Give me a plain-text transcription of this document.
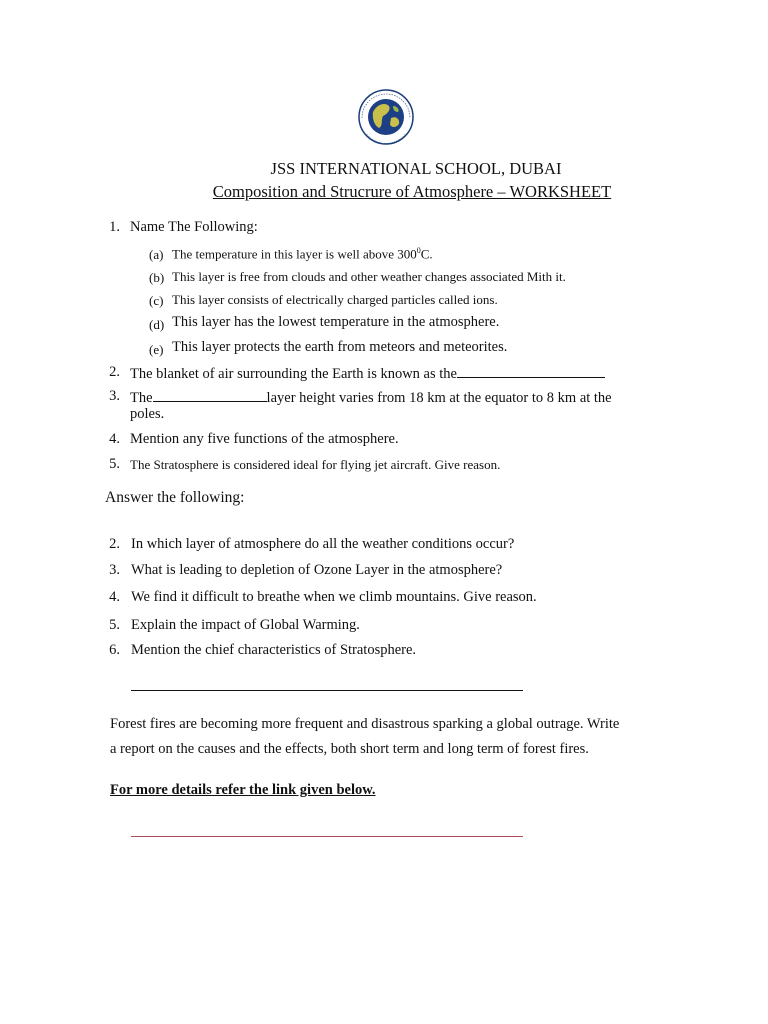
JSS INTERNATIONAL SCHOOL, DUBAI
Composition and Strucrure of Atmosphere – WORKSHEET
1. Name The Following:
(a) The temperature in this layer is well above $300^0C$.
(b) This layer is free from clouds and other weather changes associated Mith it.
(c) This layer consists of electrically charged particles called ions.
(d) This layer has the lowest temperature in the atmosphere.
(e) This layer protects the earth from meteors and meteorites.
2. The blanket of air surrounding the Earth is known as the
3. The	layer height varies from 18 km at the equator to 8 km at the
poles.
4. Mention any five functions of the atmosphere.
5. The Stratosphere is considered ideal for flying jet aircraft. Give reason.
Answer the following:
2. In which layer of atmosphere do all the weather conditions occur?
3. What is leading to depletion of Ozone Layer in the atmosphere?
4. We find it difficult to breathe when we climb mountains. Give reason.
5. Explain the impact of Global Warming.
6. Mention the chief characteristics of Stratosphere.
Forest fires are becoming more frequent and disastrous sparking a global outrage. Write
a report on the causes and the effects, both short term and long term of forest fires.
For more details refer the link given below.
